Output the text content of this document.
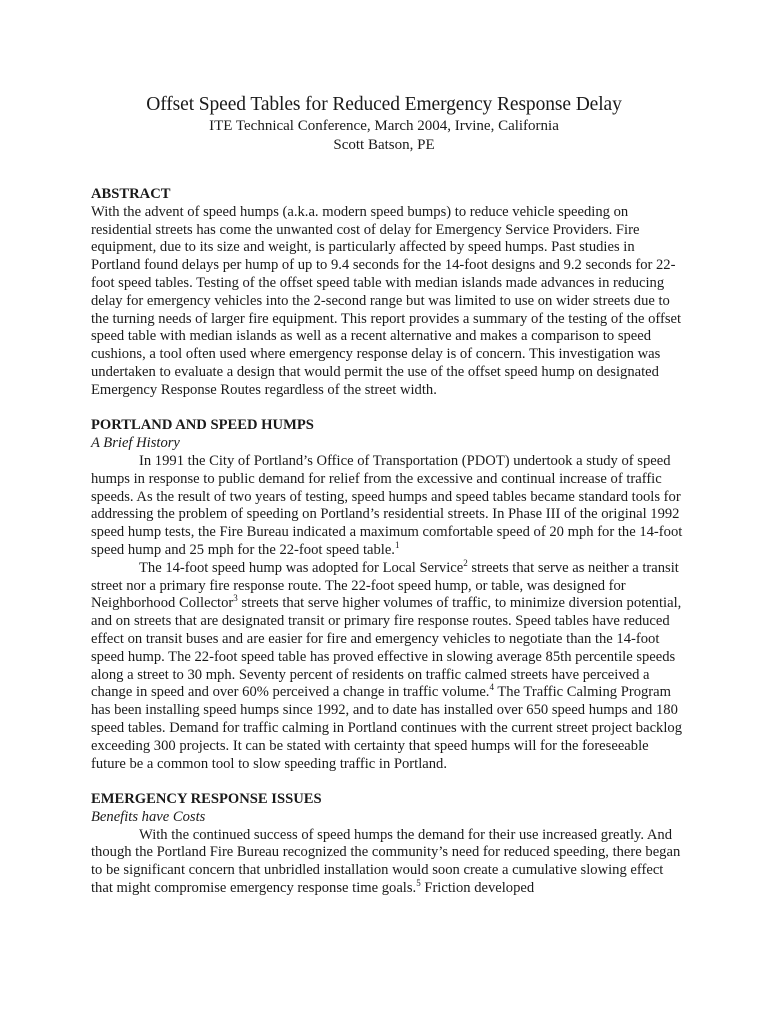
Offset Speed Tables for Reduced Emergency Response Delay

ITE Technical Conference, March 2004, Irvine, California

Scott Batson, PE

ABSTRACT

With the advent of speed humps (a.k.a. modern speed bumps) to reduce vehicle speeding on residential streets has come the unwanted cost of delay for Emergency Service Providers. Fire equipment, due to its size and weight, is particularly affected by speed humps. Past studies in Portland found delays per hump of up to 9.4 seconds for the 14-foot designs and 9.2 seconds for 22-foot speed tables. Testing of the offset speed table with median islands made advances in reducing delay for emergency vehicles into the 2-second range but was limited to use on wider streets due to the turning needs of larger fire equipment. This report provides a summary of the testing of the offset speed table with median islands as well as a recent alternative and makes a comparison to speed cushions, a tool often used where emergency response delay is of concern. This investigation was undertaken to evaluate a design that would permit the use of the offset speed hump on designated Emergency Response Routes regardless of the street width.

PORTLAND AND SPEED HUMPS

A Brief History

In 1991 the City of Portland’s Office of Transportation (PDOT) undertook a study of speed humps in response to public demand for relief from the excessive and continual increase of traffic speeds. As the result of two years of testing, speed humps and speed tables became standard tools for addressing the problem of speeding on Portland’s residential streets. In Phase III of the original 1992 speed hump tests, the Fire Bureau indicated a maximum comfortable speed of 20 mph for the 14-foot speed hump and 25 mph for the 22-foot speed table.$^1$

The 14-foot speed hump was adopted for Local Service$^2$ streets that serve as neither a transit street nor a primary fire response route. The 22-foot speed hump, or table, was designed for Neighborhood Collector$^3$ streets that serve higher volumes of traffic, to minimize diversion potential, and on streets that are designated transit or primary fire response routes. Speed tables have reduced effect on transit buses and are easier for fire and emergency vehicles to negotiate than the 14-foot speed hump. The 22-foot speed table has proved effective in slowing average 85th percentile speeds along a street to 30 mph. Seventy percent of residents on traffic calmed streets have perceived a change in speed and over 60% perceived a change in traffic volume.$^4$ The Traffic Calming Program has been installing speed humps since 1992, and to date has installed over 650 speed humps and 180 speed tables. Demand for traffic calming in Portland continues with the current street project backlog exceeding 300 projects. It can be stated with certainty that speed humps will for the foreseeable future be a common tool to slow speeding traffic in Portland.

EMERGENCY RESPONSE ISSUES

Benefits have Costs

With the continued success of speed humps the demand for their use increased greatly. And though the Portland Fire Bureau recognized the community’s need for reduced speeding, there began to be significant concern that unbridled installation would soon create a cumulative slowing effect that might compromise emergency response time goals.$^5$ Friction developed
